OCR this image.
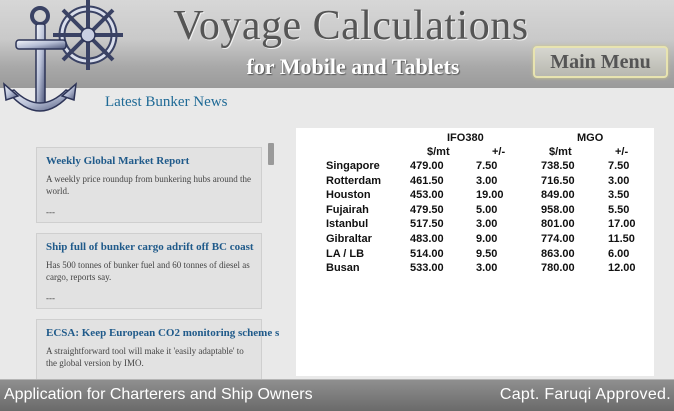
Voyage Calculations
for Mobile and Tablets	Main Menu
Latest Bunker News
Weekly Global Market Report
A weekly price roundup from bunkering hubs around the world.
---
Ship full of bunker cargo adrift off BC coast
Has 500 tonnes of bunker fuel and 60 tonnes of diesel as cargo, reports say.
---
ECSA: Keep European CO2 monitoring scheme s
A straightforward tool will make it 'easily adaptable' to the global version by IMO.
IFO380	MGO
$/mt	+/-	$/mt	+/-
Singapore	479.00	7.50	738.50	7.50
Rotterdam	461.50	3.00	716.50	3.00
Houston	453.00	19.00	849.00	3.50
Fujairah	479.50	5.00	958.00	5.50
Istanbul	517.50	3.00	801.00	17.00
Gibraltar	483.00	9.00	774.00	11.50
LA / LB	514.00	9.50	863.00	6.00
Busan	533.00	3.00	780.00	12.00
Application for Charterers and Ship Owners	Capt. Faruqi Approved.
